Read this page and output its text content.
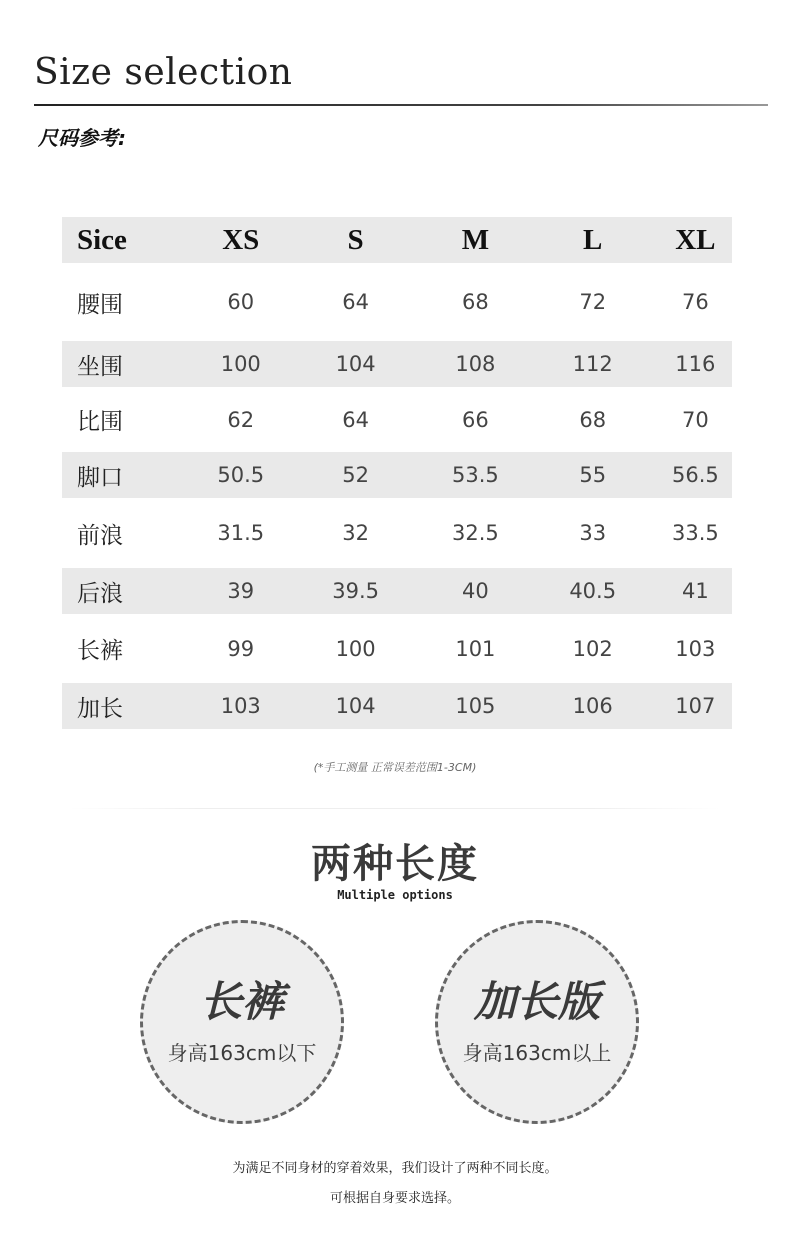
Size selection
尺码参考:
Sice	XS	S	M	L	XL
腰围	60	64	68	72	76
坐围	100	104	108	112	116
比围	62	64	66	68	70
脚口	50.5	52	53.5	55	56.5
前浪	31.5	32	32.5	33	33.5
后浪	39	39.5	40	40.5	41
长裤	99	100	101	102	103
加长	103	104	105	106	107
(*手工测量 正常误差范围1-3CM)
两种长度
Multiple options
长裤
身高163cm以下
加长版
身高163cm以上
为满足不同身材的穿着效果，我们设计了两种不同长度。
可根据自身要求选择。
